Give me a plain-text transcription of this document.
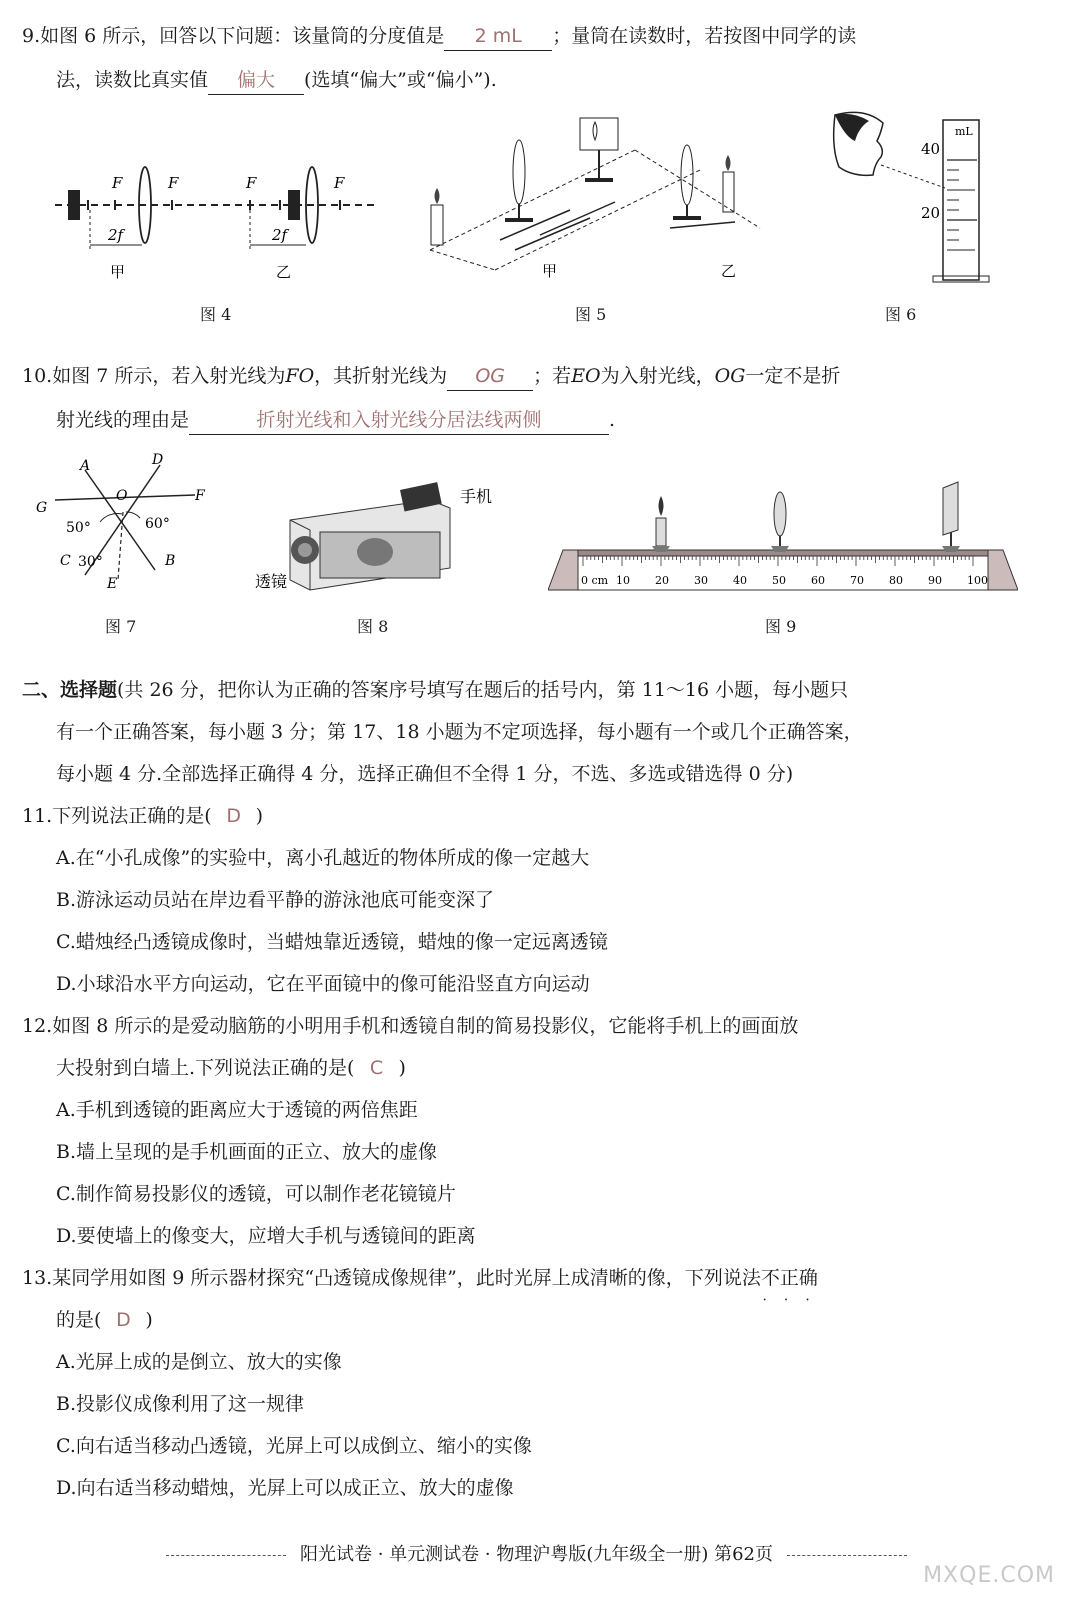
9.如图 6 所示，回答以下问题：该量筒的分度值是 2 mL ；量筒在读数时，若按图中同学的读
法，读数比真实值 偏大 (选填“偏大”或“偏小”).
F	F
2f
甲
F	F
2f
乙
图 4
甲	乙
图 5
mL
40
20
图 6
10.如图 7 所示，若入射光线为FO，其折射光线为 OG ；若EO为入射光线，OG一定不是折
射光线的理由是	折射光线和入射光线分居法线两侧	.
A	D
G
O	F
C	B
E
50°	60°
30°
图 7
手机
透镜
图 8
0 cm 10 20 30 40 50 60 70 80 90 100
图 9
二、选择题(共 26 分，把你认为正确的答案序号填写在题后的括号内，第 11～16 小题，每小题只
有一个正确答案，每小题 3 分；第 17、18 小题为不定项选择，每小题有一个或几个正确答案，
每小题 4 分.全部选择正确得 4 分，选择正确但不全得 1 分，不选、多选或错选得 0 分)
11.下列说法正确的是( D )
A.在“小孔成像”的实验中，离小孔越近的物体所成的像一定越大
B.游泳运动员站在岸边看平静的游泳池底可能变深了
C.蜡烛经凸透镜成像时，当蜡烛靠近透镜，蜡烛的像一定远离透镜
D.小球沿水平方向运动，它在平面镜中的像可能沿竖直方向运动
12.如图 8 所示的是爱动脑筋的小明用手机和透镜自制的简易投影仪，它能将手机上的画面放
大投射到白墙上.下列说法正确的是( C )
A.手机到透镜的距离应大于透镜的两倍焦距
B.墙上呈现的是手机画面的正立、放大的虚像
C.制作简易投影仪的透镜，可以制作老花镜镜片
D.要使墙上的像变大，应增大手机与透镜间的距离
13.某同学用如图 9 所示器材探究“凸透镜成像规律”，此时光屏上成清晰的像，下列说法不正确 • • •
的是( D )
A.光屏上成的是倒立、放大的实像
B.投影仪成像利用了这一规律
C.向右适当移动凸透镜，光屏上可以成倒立、缩小的实像
D.向右适当移动蜡烛，光屏上可以成正立、放大的虚像
阳光试卷 · 单元测试卷 · 物理沪粤版(九年级全一册) 第62页
MXQE.COM
